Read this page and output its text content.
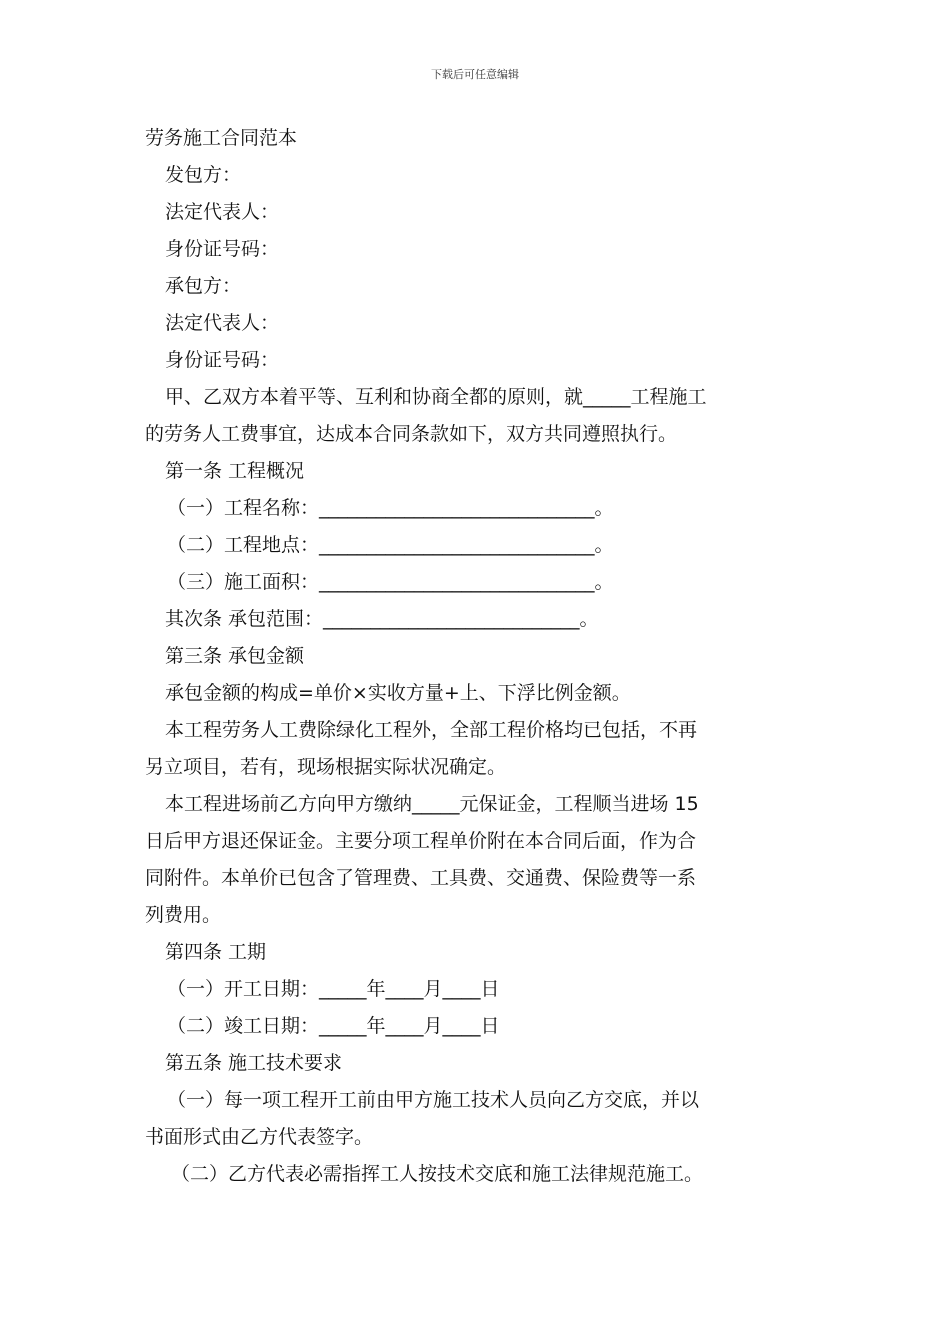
下载后可任意编辑

劳务施工合同范本

发包方：

法定代表人：

身份证号码：

承包方：

法定代表人：

身份证号码：

甲、乙双方本着平等、互利和协商全都的原则，就_____工程施工

的劳务人工费事宜，达成本合同条款如下，双方共同遵照执行。

第一条 工程概况

（一）工程名称：_____________________________。

（二）工程地点：_____________________________。

（三）施工面积：_____________________________。

其次条 承包范围：___________________________。

第三条 承包金额

承包金额的构成=单价×实收方量+上、下浮比例金额。

本工程劳务人工费除绿化工程外，全部工程价格均已包括，不再

另立项目，若有，现场根据实际状况确定。

本工程进场前乙方向甲方缴纳_____元保证金，工程顺当进场 15

日后甲方退还保证金。主要分项工程单价附在本合同后面，作为合

同附件。本单价已包含了管理费、工具费、交通费、保险费等一系

列费用。

第四条 工期

（一）开工日期：_____年____月____日

（二）竣工日期：_____年____月____日

第五条 施工技术要求

（一）每一项工程开工前由甲方施工技术人员向乙方交底，并以

书面形式由乙方代表签字。

（二）乙方代表必需指挥工人按技术交底和施工法律规范施工。
